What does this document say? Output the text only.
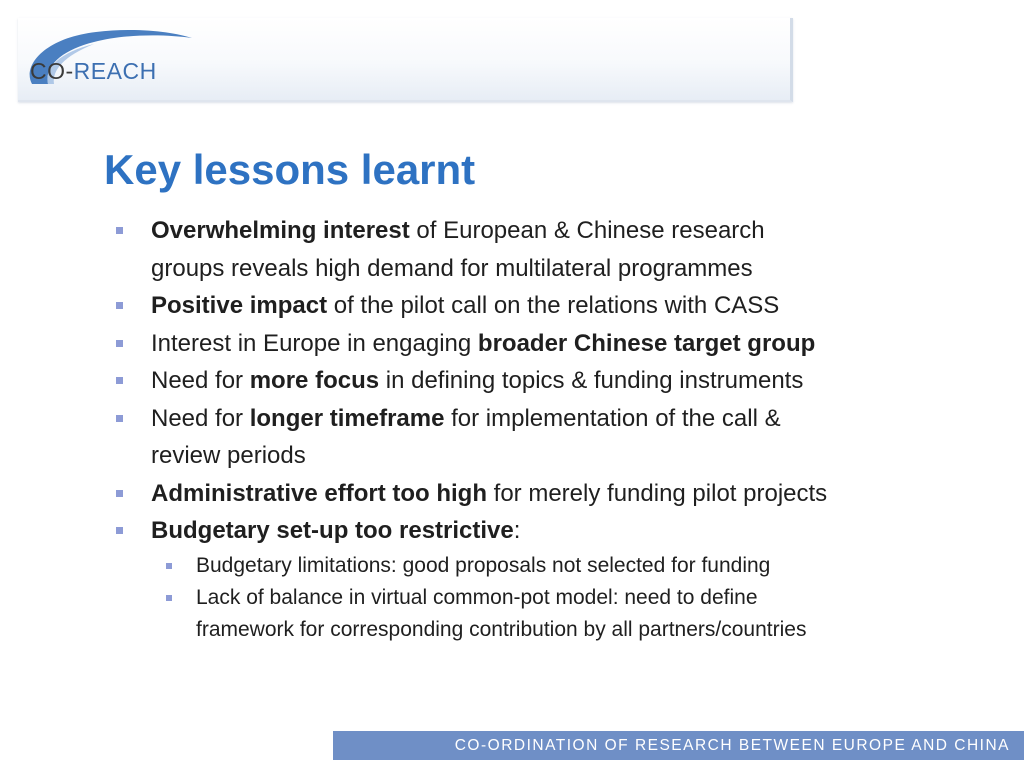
CO-REACH
Key lessons learnt
Overwhelming interest of European & Chinese research
groups reveals high demand for multilateral programmes
Positive impact of the pilot call on the relations with CASS
Interest in Europe in engaging broader Chinese target group
Need for more focus in defining topics & funding instruments
Need for longer timeframe for implementation of the call &
review periods
Administrative effort too high for merely funding pilot projects
Budgetary set-up too restrictive:
Budgetary limitations: good proposals not selected for funding
Lack of balance in virtual common-pot model: need to define
framework for corresponding contribution by all partners/countries
CO-ORDINATION OF RESEARCH BETWEEN EUROPE AND CHINA
